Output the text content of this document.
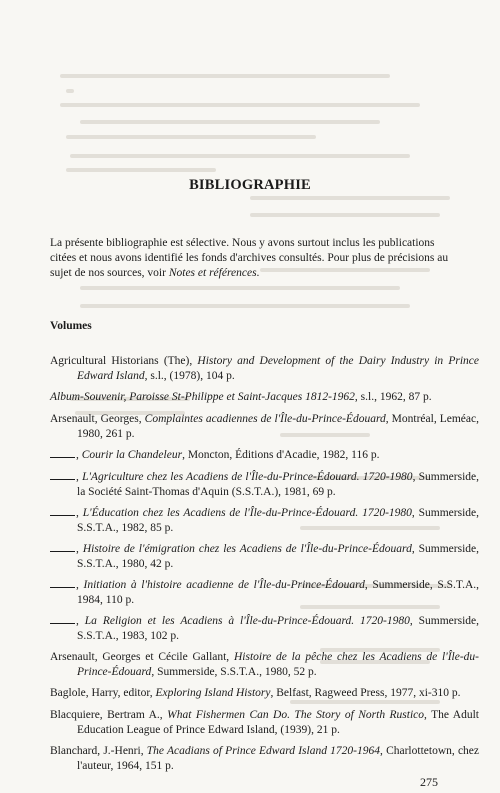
BIBLIOGRAPHIE

La présente bibliographie est sélective. Nous y avons surtout inclus les publications citées et nous avons identifié les fonds d'archives consultés. Pour plus de précisions au sujet de nos sources, voir Notes et références.

Volumes
Agricultural Historians (The), History and Development of the Dairy Industry in Prince Edward Island, s.l., (1978), 104 p.
Album-Souvenir, Paroisse St-Philippe et Saint-Jacques 1812-1962, s.l., 1962, 87 p.
Arsenault, Georges, Complaintes acadiennes de l'Île-du-Prince-Édouard, Montréal, Leméac, 1980, 261 p.
, Courir la Chandeleur, Moncton, Éditions d'Acadie, 1982, 116 p.
, L'Agriculture chez les Acadiens de l'Île-du-Prince-Édouard. 1720-1980, Summerside, la Société Saint-Thomas d'Aquin (S.S.T.A.), 1981, 69 p.
, L'Éducation chez les Acadiens de l'Île-du-Prince-Édouard. 1720-1980, Summerside, S.S.T.A., 1982, 85 p.
, Histoire de l'émigration chez les Acadiens de l'Île-du-Prince-Édouard, Summerside, S.S.T.A., 1980, 42 p.
, Initiation à l'histoire acadienne de l'Île-du-Prince-Édouard, Summerside, S.S.T.A., 1984, 110 p.
, La Religion et les Acadiens à l'Île-du-Prince-Édouard. 1720-1980, Summerside, S.S.T.A., 1983, 102 p.
Arsenault, Georges et Cécile Gallant, Histoire de la pêche chez les Acadiens de l'Île-du-Prince-Édouard, Summerside, S.S.T.A., 1980, 52 p.
Baglole, Harry, editor, Exploring Island History, Belfast, Ragweed Press, 1977, xi-310 p.
Blacquiere, Bertram A., What Fishermen Can Do. The Story of North Rustico, The Adult Education League of Prince Edward Island, (1939), 21 p.
Blanchard, J.-Henri, The Acadians of Prince Edward Island 1720-1964, Charlottetown, chez l'auteur, 1964, 151 p.
275
